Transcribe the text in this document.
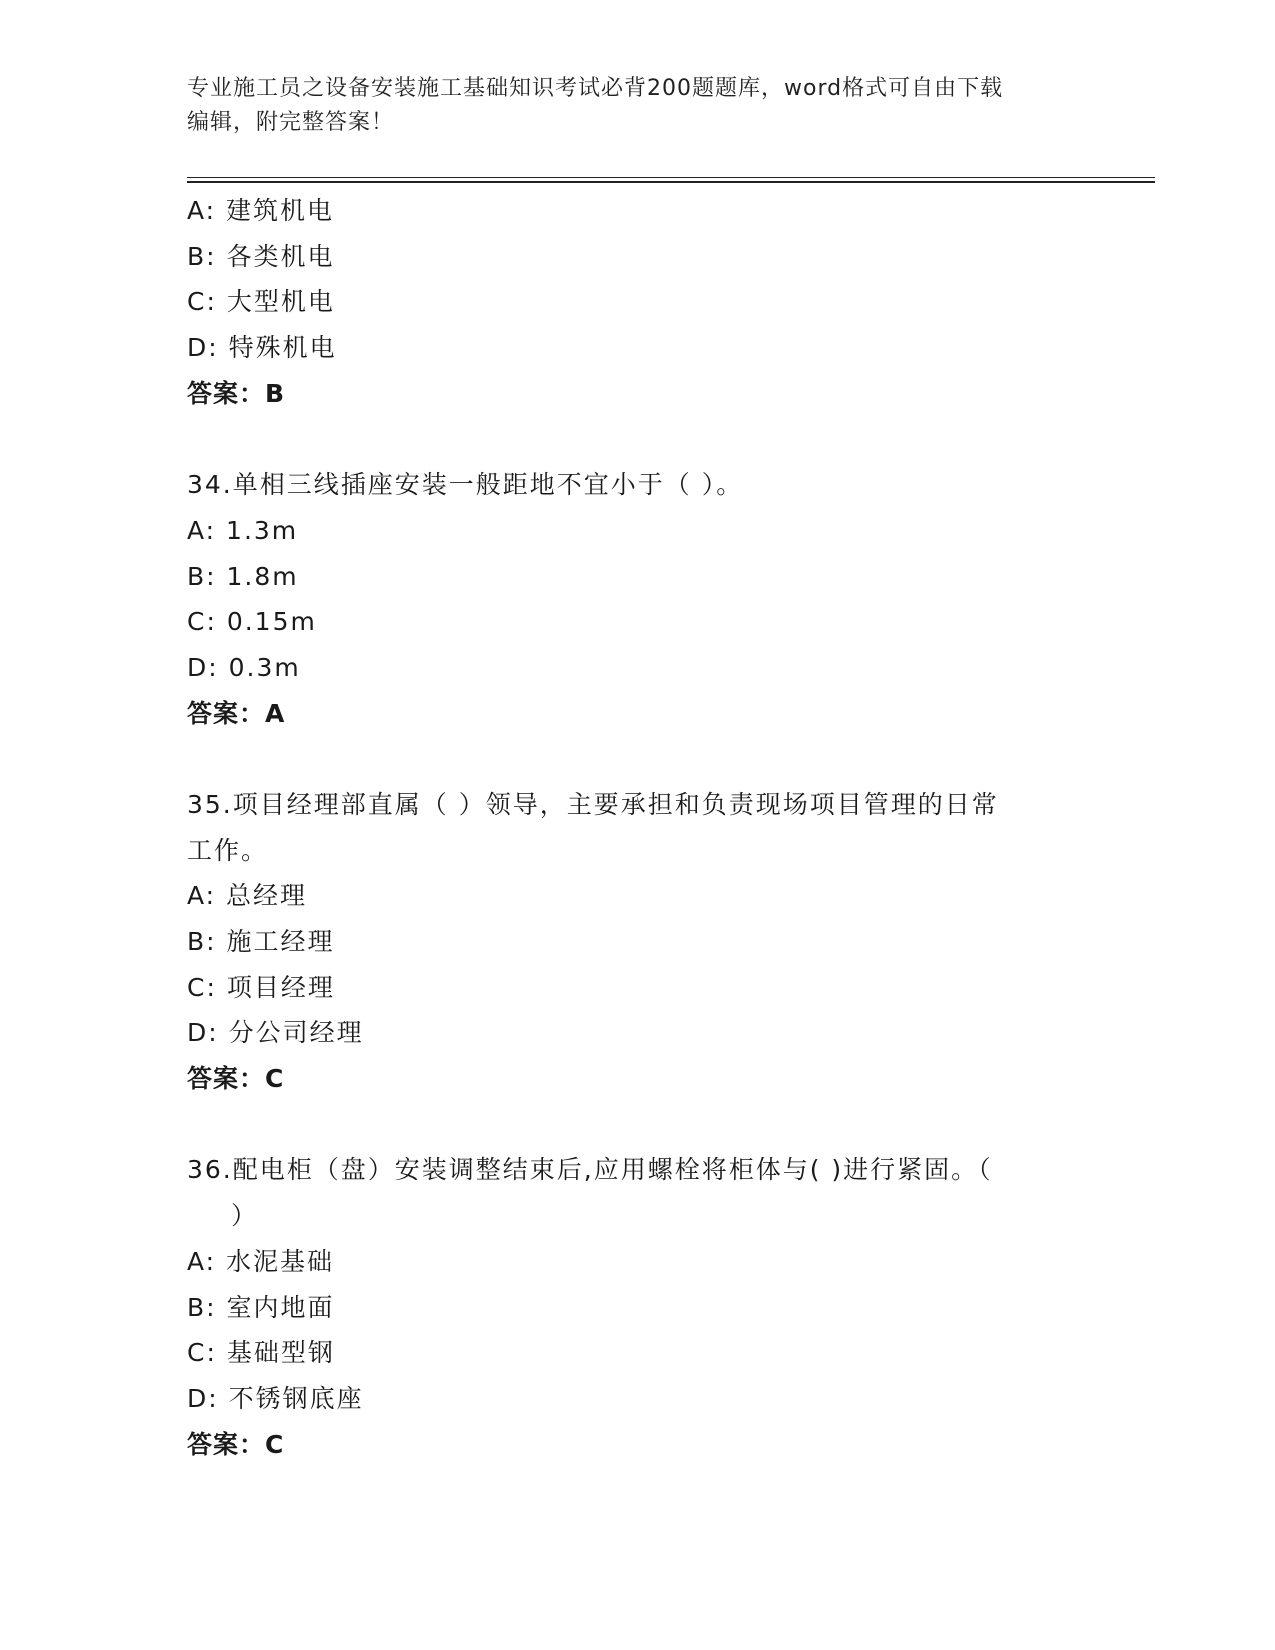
专业施工员之设备安装施工基础知识考试必背200题题库，word格式可自由下载
编辑，附完整答案！
A: 建筑机电
B: 各类机电
C: 大型机电
D: 特殊机电
答案：B
34.单相三线插座安装一般距地不宜小于（ ）。
A: 1.3m
B: 1.8m
C: 0.15m
D: 0.3m
答案：A
35.项目经理部直属（ ）领导，主要承担和负责现场项目管理的日常
工作。
A: 总经理
B: 施工经理
C: 项目经理
D: 分公司经理
答案：C
36.配电柜（盘）安装调整结束后,应用螺栓将柜体与( )进行紧固。（
）
A: 水泥基础
B: 室内地面
C: 基础型钢
D: 不锈钢底座
答案：C
